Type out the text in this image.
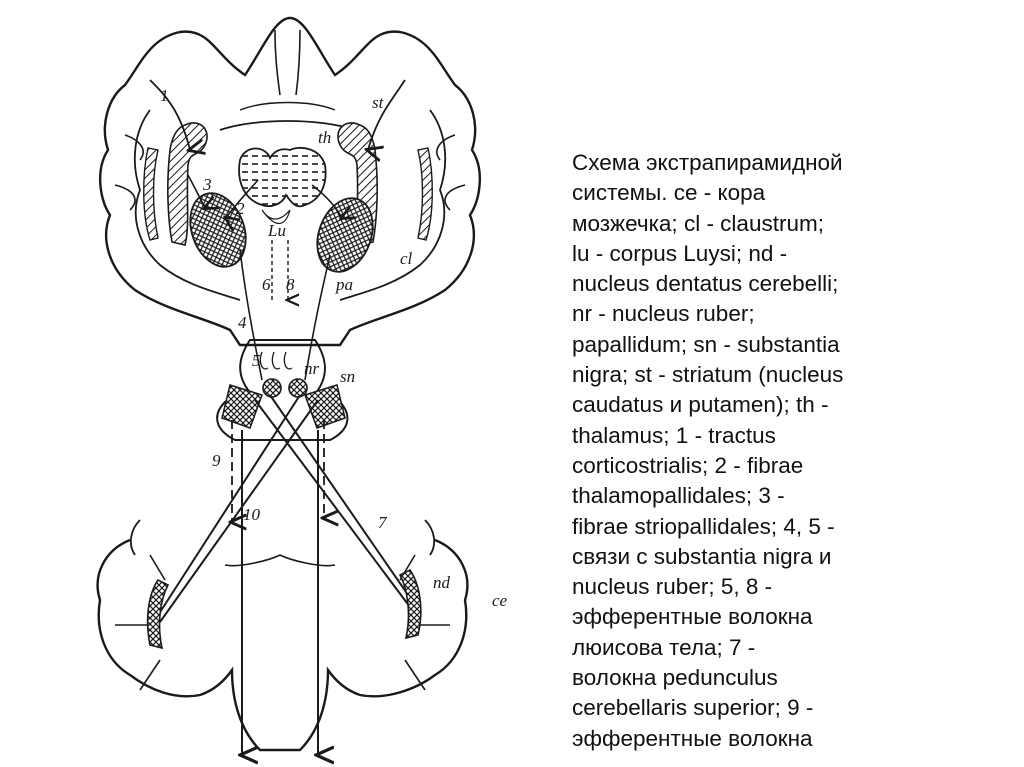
1	st
th
3
2
Lu
cl
6 8 pa
4
5	nr sn
9
10	7
nd
ce

Схема экстрапирамидной

системы. ce - кора

мозжечка; cl - claustrum;

lu - corpus Luysi; nd -

nucleus dentatus cerebelli;

nr - nucleus ruber;

papallidum; sn - substantia

nigra; st - striatum (nucleus

caudatus и putamen); th -

thalamus; 1 - tractus

corticostrialis; 2 - fibrae

thalamopallidales; 3 -

fibrae striopallidales; 4, 5 -

связи с substantia nigra и

nucleus ruber; 5, 8 -

эфферентные волокна

люисова тела; 7 -

волокна pedunculus

cerebellaris superior; 9 -

эфферентные волокна
